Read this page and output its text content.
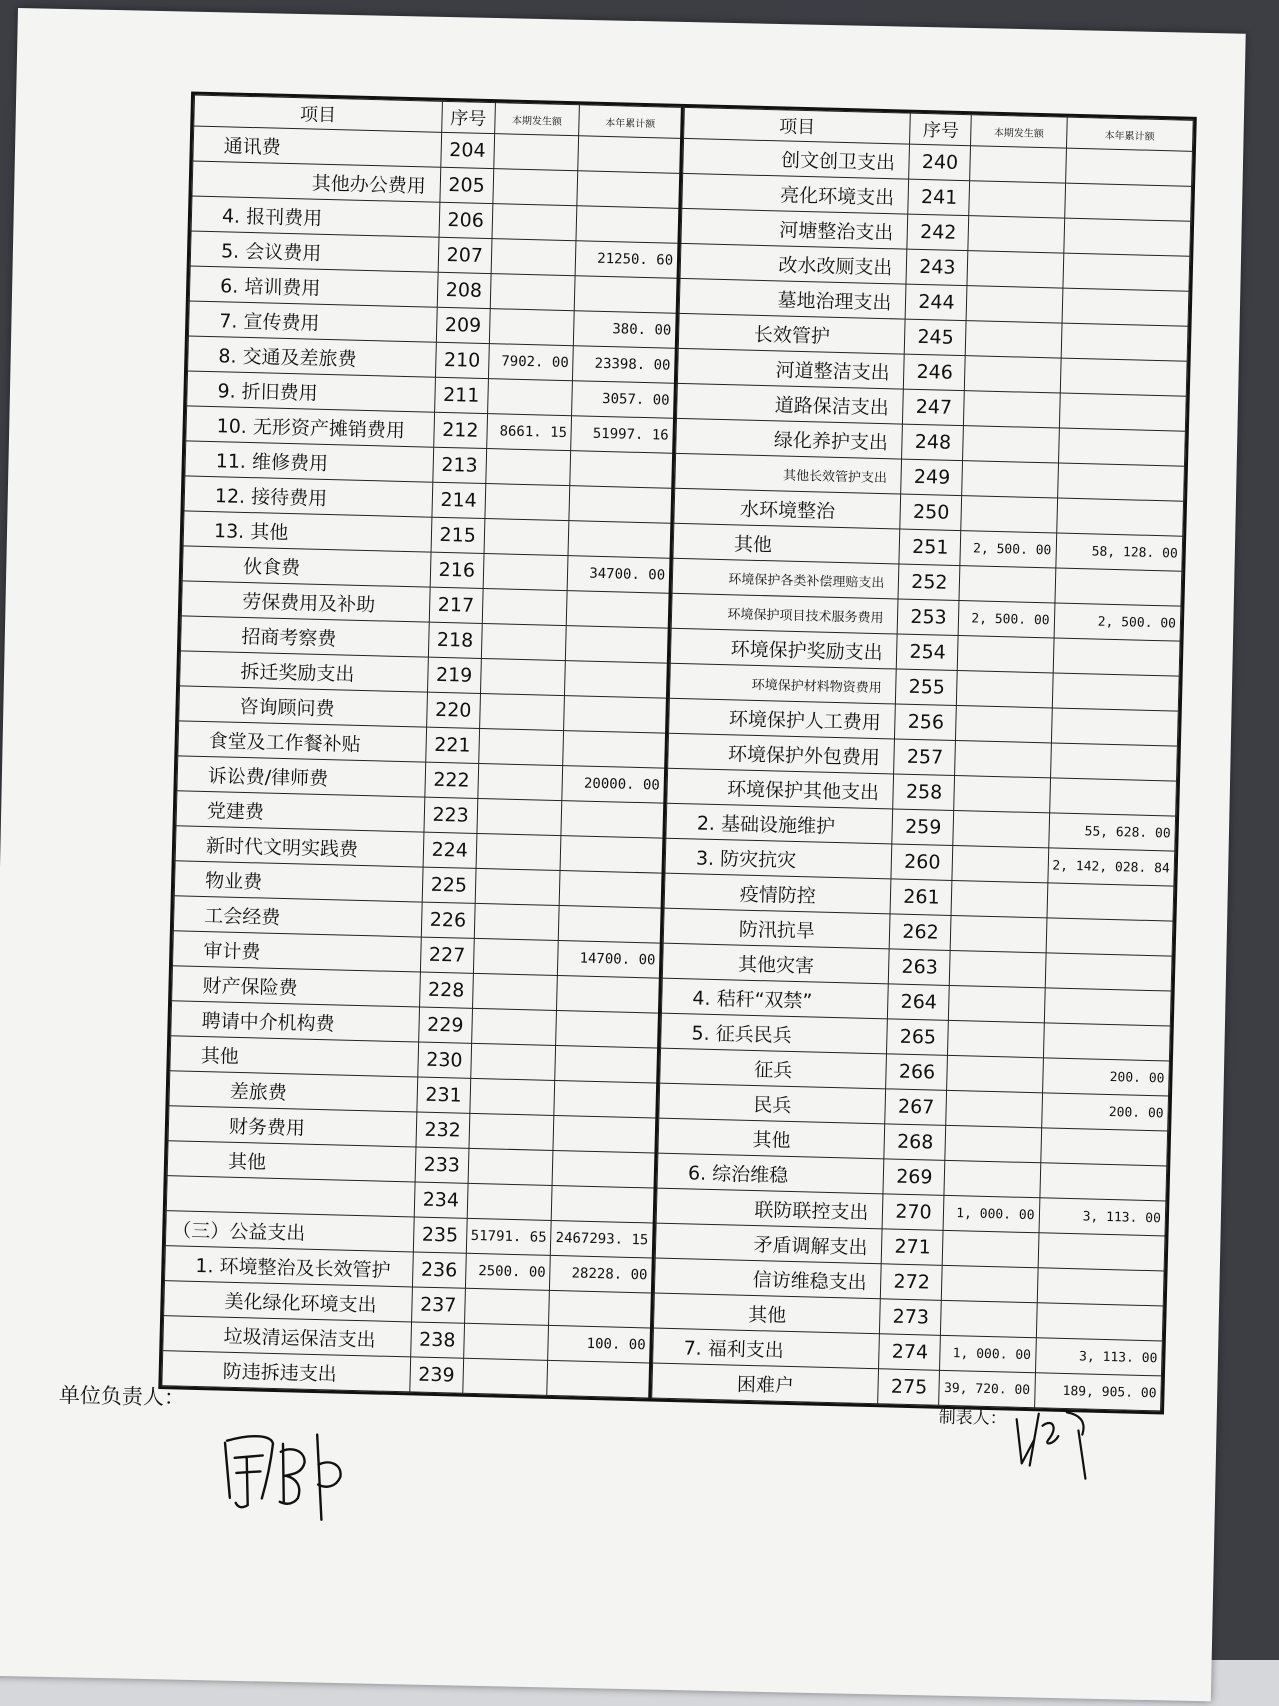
项目	序号	本期发生额	本年累计额
通讯费	204		
其他办公费用	205		
4. 报刊费用	206		
5. 会议费用	207		21250. 60
6. 培训费用	208		
7. 宣传费用	209		380. 00
8. 交通及差旅费	210	7902. 00	23398. 00
9. 折旧费用	211		3057. 00
10. 无形资产摊销费用	212	8661. 15	51997. 16
11. 维修费用	213		
12. 接待费用	214		
13. 其他	215		
伙食费	216		34700. 00
劳保费用及补助	217		
招商考察费	218		
拆迁奖励支出	219		
咨询顾问费	220		
食堂及工作餐补贴	221		
诉讼费/律师费	222		20000. 00
党建费	223		
新时代文明实践费	224		
物业费	225		
工会经费	226		
审计费	227		14700. 00
财产保险费	228		
聘请中介机构费	229		
其他	230		
差旅费	231		
财务费用	232		
其他	233		
	234		
（三）公益支出	235	51791. 65	2467293. 15
1. 环境整治及长效管护	236	2500. 00	28228. 00
美化绿化环境支出	237		
垃圾清运保洁支出	238		100. 00
防违拆违支出	239		
项目	序号	本期发生额	本年累计额
创文创卫支出	240		
亮化环境支出	241		
河塘整治支出	242		
改水改厕支出	243		
墓地治理支出	244		
长效管护	245		
河道整洁支出	246		
道路保洁支出	247		
绿化养护支出	248		
其他长效管护支出	249		
水环境整治	250		
其他	251	2, 500. 00	58, 128. 00
环境保护各类补偿理赔支出	252		
环境保护项目技术服务费用	253	2, 500. 00	2, 500. 00
环境保护奖励支出	254		
环境保护材料物资费用	255		
环境保护人工费用	256		
环境保护外包费用	257		
环境保护其他支出	258		
2. 基础设施维护	259		55, 628. 00
3. 防灾抗灾	260		2, 142, 028. 84
疫情防控	261		
防汛抗旱	262		
其他灾害	263		
4. 秸秆“双禁”	264		
5. 征兵民兵	265		
征兵	266		200. 00
民兵	267		200. 00
其他	268		
6. 综治维稳	269		
联防联控支出	270	1, 000. 00	3, 113. 00
矛盾调解支出	271		
信访维稳支出	272		
其他	273		
7. 福利支出	274	1, 000. 00	3, 113. 00
困难户	275	39, 720. 00	189, 905. 00
单位负责人：
制表人：
